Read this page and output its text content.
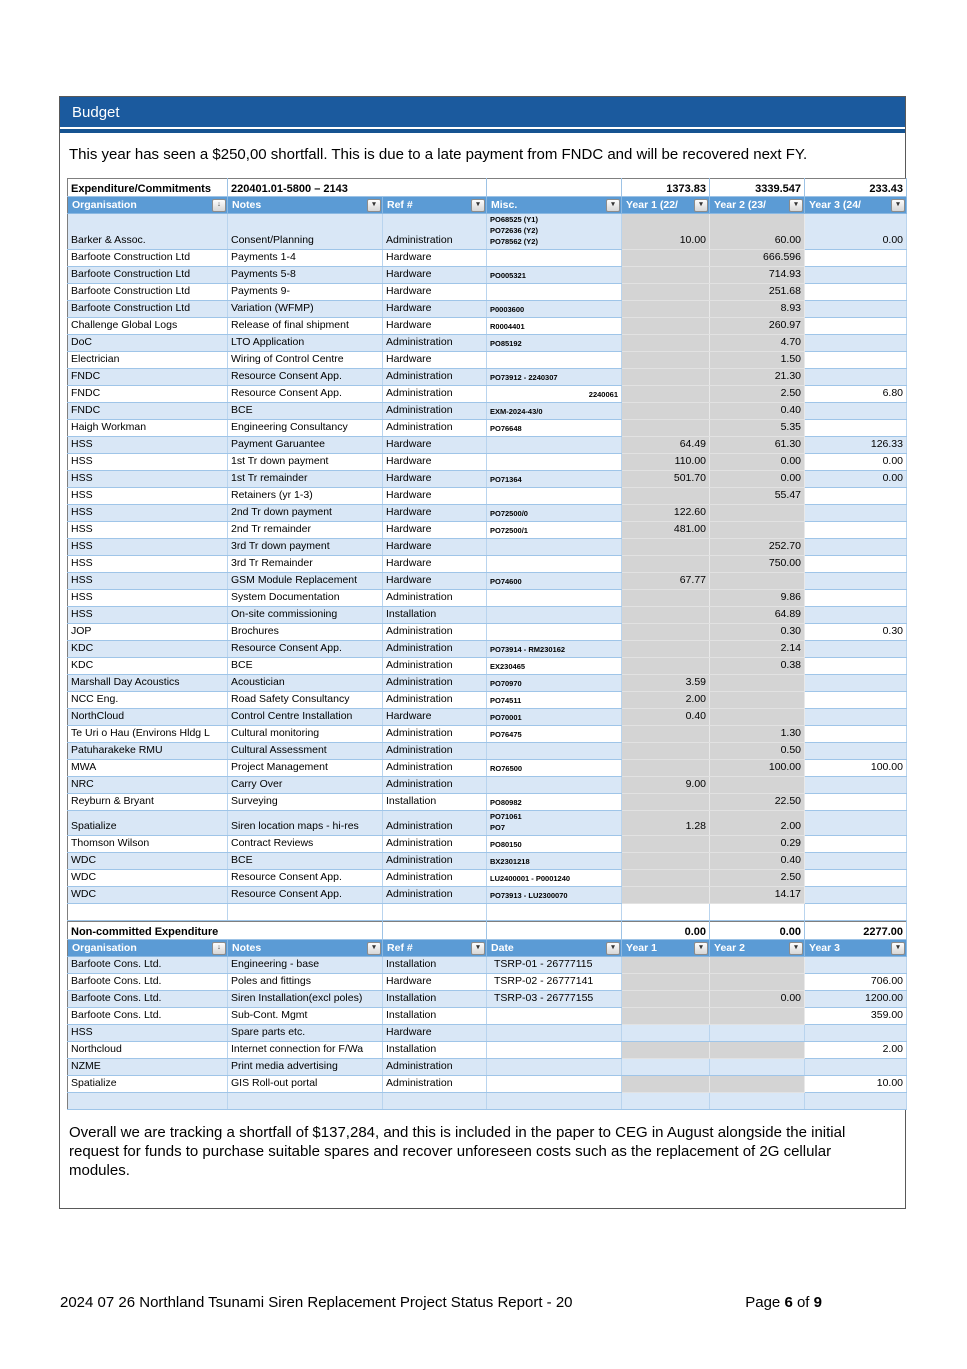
Budget

This year has seen a $250,00 shortfall. This is due to a late payment from FNDC and will be recovered next FY.

Expenditure/Commitments	220401.01-5800 – 2143			1373.83	3339.547	233.43

Organisation ↓	Notes ▾	Ref # ▾	Misc. ▾	Year 1 (22/ ▾	Year 2 (23/ ▾	Year 3 (24/ ▾

Barker & Assoc.	Consent/Planning	Administration	PO68525 (Y1)
PO72636 (Y2)
PO78562 (Y2)	10.00	60.00	0.00
Barfoote Construction Ltd	Payments 1-4	Hardware			666.596	
Barfoote Construction Ltd	Payments 5-8	Hardware	PO005321		714.93	
Barfoote Construction Ltd	Payments 9-	Hardware			251.68	
Barfoote Construction Ltd	Variation (WFMP)	Hardware	P0003600		8.93	
Challenge Global Logs	Release of final shipment	Hardware	R0004401		260.97	
DoC	LTO Application	Administration	PO85192		4.70	
Electrician	Wiring of Control Centre	Hardware			1.50	
FNDC	Resource Consent App.	Administration	PO73912 - 2240307		21.30	
FNDC	Resource Consent App.	Administration	2240061		2.50	6.80
FNDC	BCE	Administration	EXM-2024-43/0		0.40	
Haigh Workman	Engineering Consultancy	Administration	PO76648		5.35	
HSS	Payment Garuantee	Hardware		64.49	61.30	126.33
HSS	1st Tr down payment	Hardware		110.00	0.00	0.00
HSS	1st Tr remainder	Hardware	PO71364	501.70	0.00	0.00
HSS	Retainers (yr 1-3)	Hardware			55.47	
HSS	2nd Tr down payment	Hardware	PO72500/0	122.60		
HSS	2nd Tr remainder	Hardware	PO72500/1	481.00		
HSS	3rd Tr down payment	Hardware			252.70	
HSS	3rd Tr Remainder	Hardware			750.00	
HSS	GSM Module Replacement	Hardware	PO74600	67.77		
HSS	System Documentation	Administration			9.86	
HSS	On-site commissioning	Installation			64.89	
JOP	Brochures	Administration			0.30	0.30
KDC	Resource Consent App.	Administration	PO73914 - RM230162		2.14	
KDC	BCE	Administration	EX230465		0.38	
Marshall Day Acoustics	Acoustician	Administration	PO70970	3.59		
NCC Eng.	Road Safety Consultancy	Administration	PO74511	2.00		
NorthCloud	Control Centre Installation	Hardware	PO70001	0.40		
Te Uri o Hau (Environs Hldg L	Cultural monitoring	Administration	PO76475		1.30	
Patuharakeke RMU	Cultural Assessment	Administration			0.50	
MWA	Project Management	Administration	RO76500		100.00	100.00
NRC	Carry Over	Administration		9.00		
Reyburn & Bryant	Surveying	Installation	PO80982		22.50	
Spatialize	Siren location maps - hi-res	Administration	PO71061
PO7	1.28	2.00	
Thomson Wilson	Contract Reviews	Administration	PO80150		0.29	
WDC	BCE	Administration	BX2301218		0.40	
WDC	Resource Consent App.	Administration	LU2400001 - P0001240		2.50	
WDC	Resource Consent App.	Administration	PO73913 - LU2300070		14.17	

Non-committed Expenditure				0.00	0.00	2277.00

Organisation ↓	Notes ▾	Ref # ▾	Date ▾	Year 1 ▾	Year 2 ▾	Year 3 ▾

Barfoote Cons. Ltd.	Engineering - base	Installation	TSRP-01 - 26777115			
Barfoote Cons. Ltd.	Poles and fittings	Hardware	TSRP-02 - 26777141			706.00
Barfoote Cons. Ltd.	Siren Installation(excl poles)	Installation	TSRP-03 - 26777155		0.00	1200.00
Barfoote Cons. Ltd.	Sub-Cont. Mgmt	Installation				359.00
HSS	Spare parts etc.	Hardware				
Northcloud	Internet connection for F/Wa	Installation				2.00
NZME	Print media advertising	Administration				
Spatialize	GIS Roll-out portal	Administration				10.00

Overall we are tracking a shortfall of $137,284, and this is included in the paper to CEG in August alongside the initial request for funds to purchase suitable spares and recover unforeseen costs such as the replacement of 2G cellular modules.

2024 07 26 Northland Tsunami Siren Replacement Project Status Report - 20	Page 6 of 9
